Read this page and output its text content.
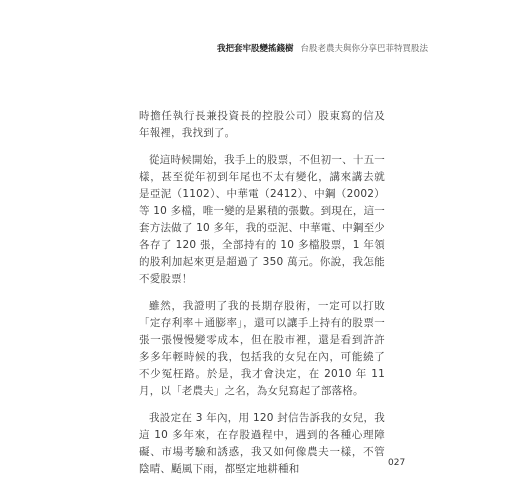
我把套牢股變搖錢樹 台股老農夫與你分享巴菲特買股法

時擔任執行長兼投資長的控股公司）股東寫的信及年報裡，我找到了。

從這時候開始，我手上的股票，不但初一、十五一樣，甚至從年初到年尾也不太有變化，講來講去就是亞泥（1102）、中華電（2412）、中鋼（2002）等 10 多檔，唯一變的是累積的張數。到現在，這一套方法做了 10 多年，我的亞泥、中華電、中鋼至少各存了 120 張，全部持有的 10 多檔股票，1 年領的股利加起來更是超過了 350 萬元。你說，我怎能不愛股票！

雖然，我證明了我的長期存股術，一定可以打敗「定存利率＋通膨率」，還可以讓手上持有的股票一張一張慢慢變零成本，但在股市裡，還是看到許許多多年輕時候的我，包括我的女兒在內，可能繞了不少冤枉路。於是，我才會決定，在 2010 年 11 月，以「老農夫」之名，為女兒寫起了部落格。

我設定在 3 年內，用 120 封信告訴我的女兒，我這 10 多年來，在存股過程中，遇到的各種心理障礙、市場考驗和誘惑，我又如何像農夫一樣，不管陰晴、颳風下雨，都堅定地耕種和	027
